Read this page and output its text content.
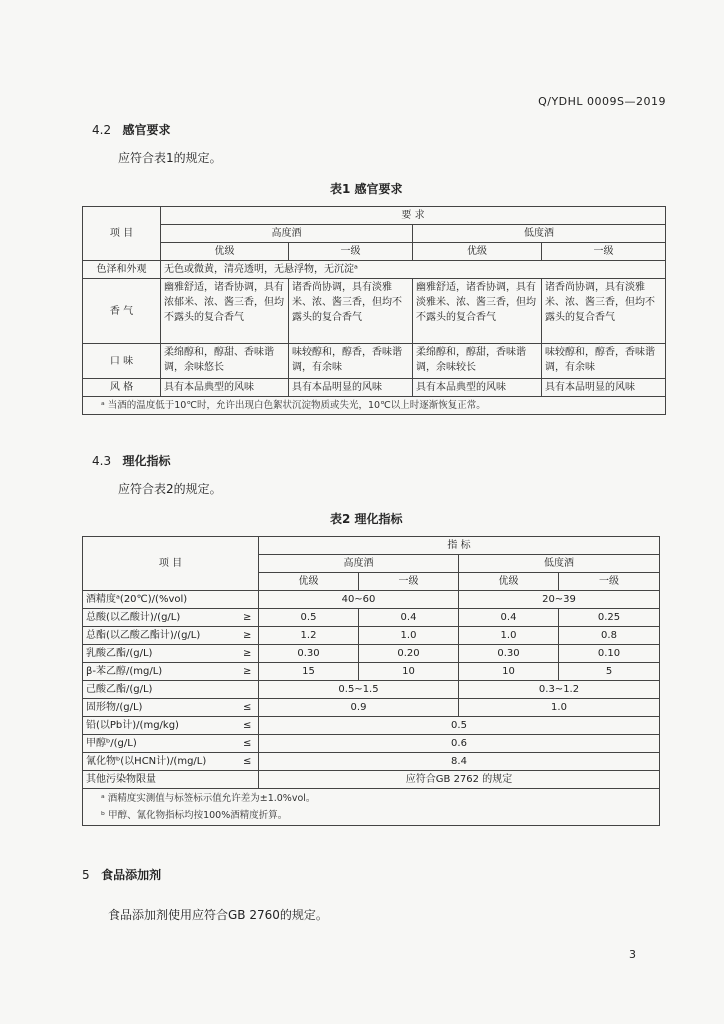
Q/YDHL 0009S—2019
4.2 感官要求
应符合表1的规定。
表1 感官要求
项 目	要 求			
	高度酒		低度酒	
	优级	一级	优级	一级
色泽和外观	无色或微黄，清亮透明，无悬浮物，无沉淀ᵃ			
香 气	幽雅舒适，诸香协调，具有浓郁米、浓、酱三香，但均不露头的复合香气	诸香尚协调，具有淡雅米、浓、酱三香，但均不露头的复合香气	幽雅舒适，诸香协调，具有淡雅米、浓、酱三香，但均不露头的复合香气	诸香尚协调，具有淡雅米、浓、酱三香，但均不露头的复合香气
口 味	柔绵醇和，醇甜、香味谐调，余味悠长	味较醇和，醇香，香味谐调，有余味	柔绵醇和，醇甜，香味谐调，余味较长	味较醇和，醇香，香味谐调，有余味
风 格	具有本品典型的风味	具有本品明显的风味	具有本品典型的风味	具有本品明显的风味
ᵃ 当酒的温度低于10℃时，允许出现白色絮状沉淀物质或失光，10℃以上时逐渐恢复正常。				
4.3 理化指标
应符合表2的规定。
表2 理化指标
项 目		指 标			
		高度酒		低度酒	
		优级	一级	优级	一级
酒精度ᵃ(20℃)/(%vol)		40~60		20~39	
总酸(以乙酸计)/(g/L)	≥	0.5	0.4	0.4	0.25
总酯(以乙酸乙酯计)/(g/L)	≥	1.2	1.0	1.0	0.8
乳酸乙酯/(g/L)	≥	0.30	0.20	0.30	0.10
β-苯乙醇/(mg/L)	≥	15	10	10	5
己酸乙酯/(g/L)		0.5~1.5		0.3~1.2	
固形物/(g/L)	≤	0.9		1.0	
铅(以Pb计)/(mg/kg)	≤	0.5			
甲醇ᵇ/(g/L)	≤	0.6			
氰化物ᵇ(以HCN计)/(mg/L)	≤	8.4			
其他污染物限量		应符合GB 2762 的规定			

ᵃ 酒精度实测值与标签标示值允许差为±1.0%vol。
ᵇ 甲醇、氰化物指标均按100%酒精度折算。					
5 食品添加剂
食品添加剂使用应符合GB 2760的规定。
3
